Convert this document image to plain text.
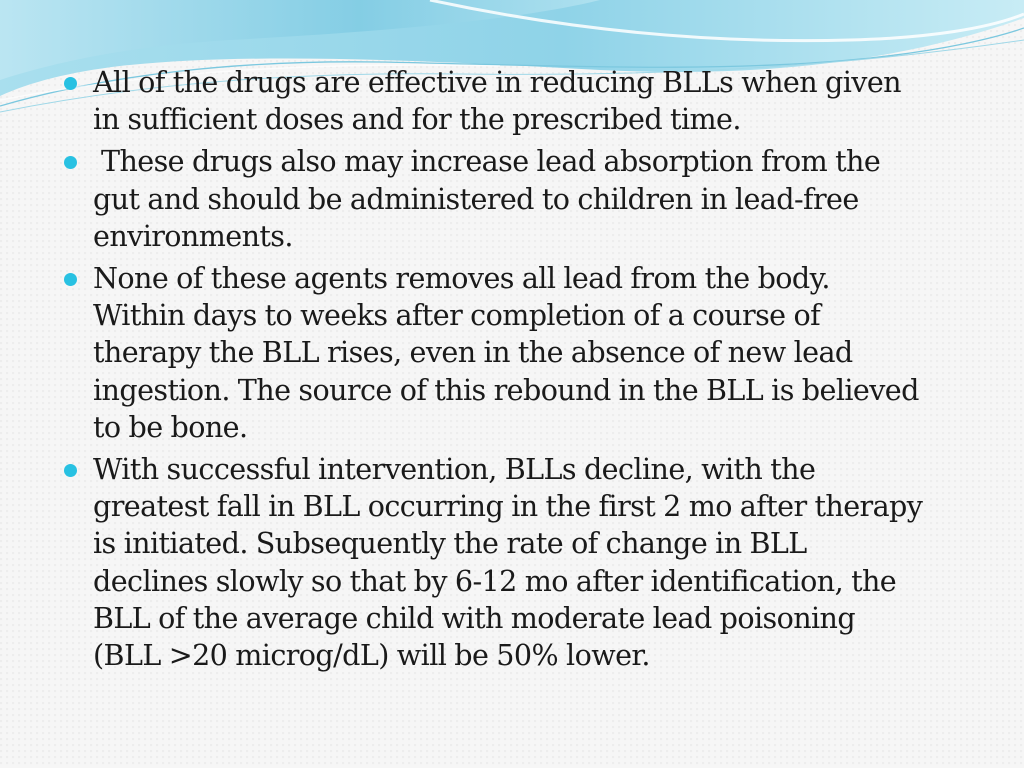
All of the drugs are effective in reducing BLLs when given
in sufficient doses and for the prescribed time.
These drugs also may increase lead absorption from the
gut and should be administered to children in lead-free
environments.
None of these agents removes all lead from the body.
Within days to weeks after completion of a course of
therapy the BLL rises, even in the absence of new lead
ingestion. The source of this rebound in the BLL is believed
to be bone.
With successful intervention, BLLs decline, with the
greatest fall in BLL occurring in the first 2 mo after therapy
is initiated. Subsequently the rate of change in BLL
declines slowly so that by 6-12 mo after identification, the
BLL of the average child with moderate lead poisoning
(BLL >20 microg/dL) will be 50% lower.
